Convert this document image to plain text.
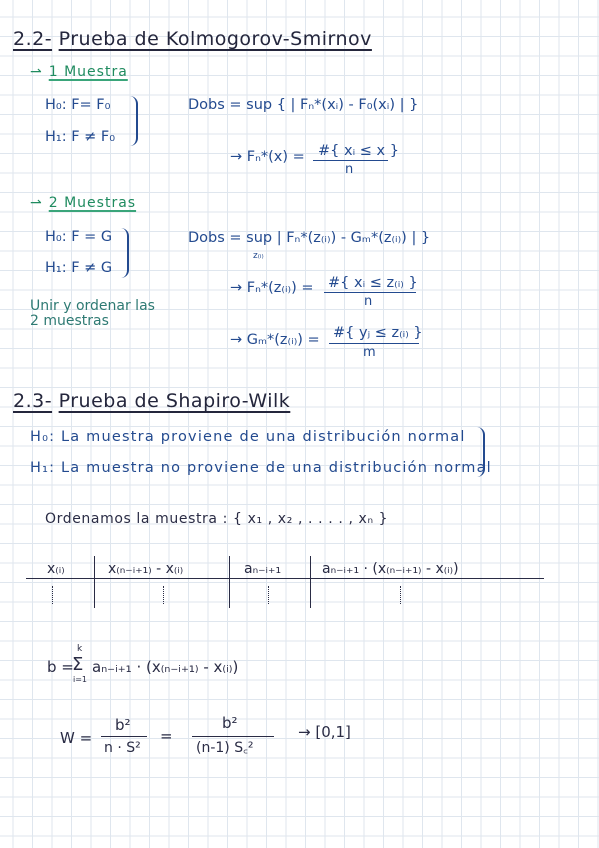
2.2- Prueba de Kolmogorov-Smirnov
⇀ 1 Muestra
H₀: F= F₀
H₁: F ≠ F₀
Dobs = sup { | Fₙ*(xᵢ) - F₀(xᵢ) | }
→ Fₙ*(x) = #{ xᵢ ≤ x }
n
⇀ 2 Muestras
H₀: F = G
H₁: F ≠ G
Dobs = sup | Fₙ*(z₍ᵢ₎) - Gₘ*(z₍ᵢ₎) | }
z₍ᵢ₎
Unir y ordenar las
2 muestras
→ Fₙ*(z₍ᵢ₎) = #{ xᵢ ≤ z₍ᵢ₎ }
n
→ Gₘ*(z₍ᵢ₎) = #{ yⱼ ≤ z₍ᵢ₎ }
m
2.3- Prueba de Shapiro-Wilk
H₀: La muestra proviene de una distribución normal
H₁: La muestra no proviene de una distribución normal
Ordenamos la muestra : { x₁ , x₂ , . . . . , xₙ }
x₍ᵢ₎	x₍ₙ₋ᵢ₊₁₎ - x₍ᵢ₎	aₙ₋ᵢ₊₁	aₙ₋ᵢ₊₁ · (x₍ₙ₋ᵢ₊₁₎ - x₍ᵢ₎)
b =
k
Σ
i=1
aₙ₋ᵢ₊₁ · (x₍ₙ₋ᵢ₊₁₎ - x₍ᵢ₎)
W =
b²
n · S²
=
b²
(n-1) S꜀²
→ [0,1]
